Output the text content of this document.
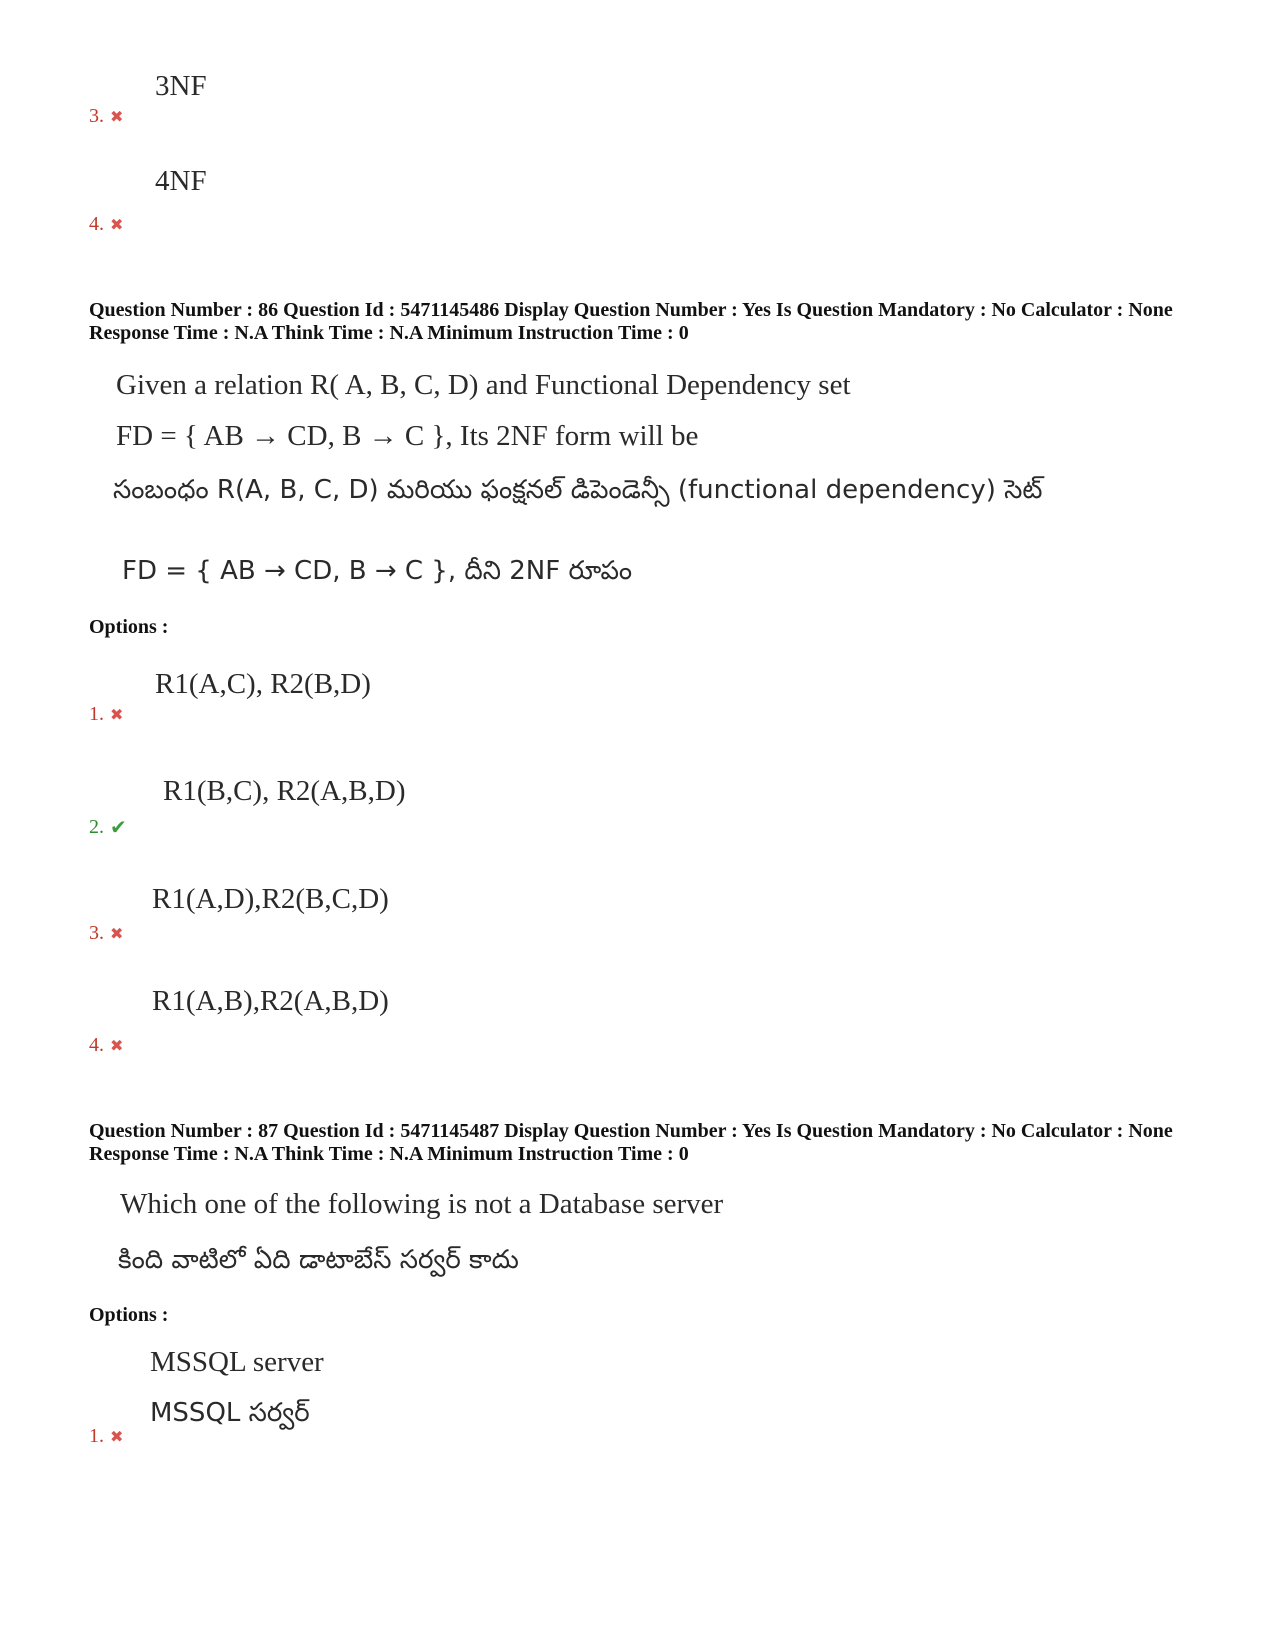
3NF
3. ✖
4NF
4. ✖
Question Number : 86 Question Id : 5471145486 Display Question Number : Yes Is Question Mandatory : No Calculator : None Response Time : N.A Think Time : N.A Minimum Instruction Time : 0
Given a relation R( A, B, C, D) and Functional Dependency set
FD = { AB → CD, B → C }, Its 2NF form will be
సంబంధం R(A, B, C, D) మరియు ఫంక్షనల్ డిపెండెన్సీ (functional dependency) సెట్
FD = { AB → CD, B → C }, దీని 2NF రూపం
Options :
R1(A,C), R2(B,D)
1. ✖
R1(B,C), R2(A,B,D)
2. ✔
R1(A,D),R2(B,C,D)
3. ✖
R1(A,B),R2(A,B,D)
4. ✖
Question Number : 87 Question Id : 5471145487 Display Question Number : Yes Is Question Mandatory : No Calculator : None Response Time : N.A Think Time : N.A Minimum Instruction Time : 0
Which one of the following is not a Database server
కింది వాటిలో ఏది డాటాబేస్ సర్వర్ కాదు
Options :
MSSQL server
MSSQL సర్వర్
1. ✖
